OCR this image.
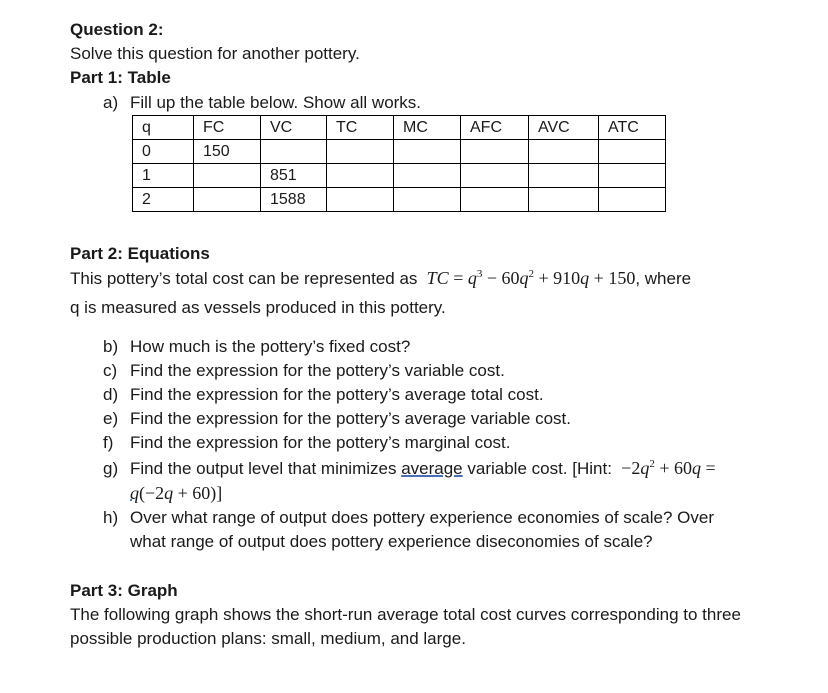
Question 2:
Solve this question for another pottery.
Part 1: Table
a) Fill up the table below. Show all works.
q	FC	VC	TC	MC	AFC	AVC	ATC
0	150						
1		851					
2		1588					
Part 2: Equations
This pottery’s total cost can be represented as  TC = $q^3 - 60q^2 + 910q + 150$, where
q is measured as vessels produced in this pottery.
b) How much is the pottery’s fixed cost?
c) Find the expression for the pottery’s variable cost.
d) Find the expression for the pottery’s average total cost.
e) Find the expression for the pottery’s average variable cost.
f) Find the expression for the pottery’s marginal cost.
g) Find the output level that minimizes average variable cost. [Hint: $-2q^2 + 60q$ =
q(−2q + 60)]
h) Over what range of output does pottery experience economies of scale? Over
what range of output does pottery experience diseconomies of scale?
Part 3: Graph
The following graph shows the short-run average total cost curves corresponding to three
possible production plans: small, medium, and large.
